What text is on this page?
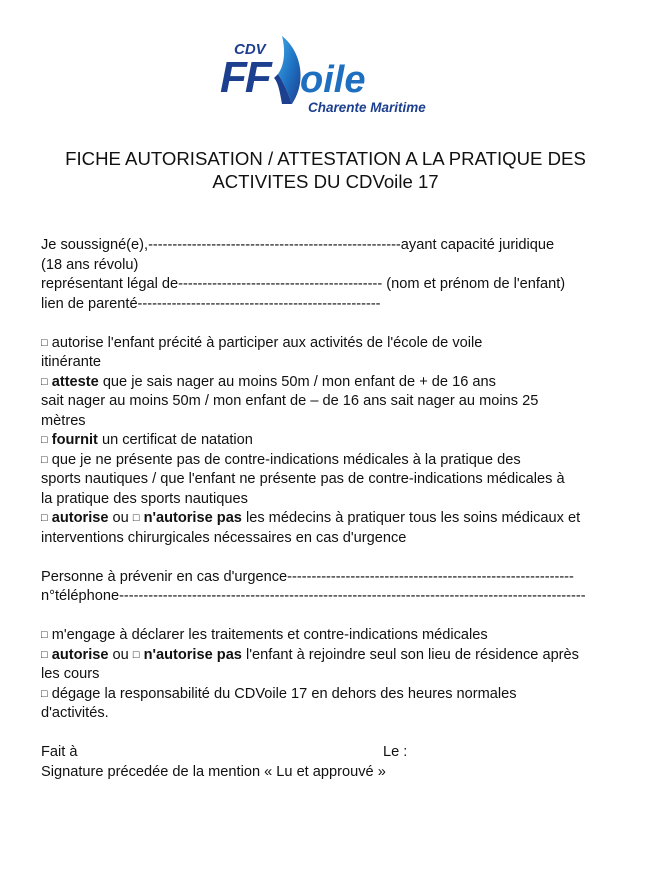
CDV
FF oile
Charente Maritime
FICHE AUTORISATION / ATTESTATION A LA PRATIQUE DES
ACTIVITES DU CDVoile 17
Je soussigné(e),----------------------------------------------------ayant capacité juridique
(18 ans révolu)
représentant légal de------------------------------------------ (nom et prénom de l'enfant)
lien de parenté--------------------------------------------------
□ autorise l'enfant précité à participer aux activités de l'école de voile
itinérante
□ atteste que je sais nager au moins 50m / mon enfant de + de 16 ans
sait nager au moins 50m / mon enfant de – de 16 ans sait nager au moins 25
mètres
□ fournit un certificat de natation
□ que je ne présente pas de contre-indications médicales à la pratique des
sports nautiques / que l'enfant ne présente pas de contre-indications médicales à
la pratique des sports nautiques
□ autorise ou □ n'autorise pas les médecins à pratiquer tous les soins médicaux et
interventions chirurgicales nécessaires en cas d'urgence
Personne à prévenir en cas d'urgence-----------------------------------------------------------
n°téléphone------------------------------------------------------------------------------------------------
□ m'engage à déclarer les traitements et contre-indications médicales
□ autorise ou □ n'autorise pas l'enfant à rejoindre seul son lieu de résidence après
les cours
□ dégage la responsabilité du CDVoile 17 en dehors des heures normales
d'activités.
Fait à	Le :
Signature précedée de la mention « Lu et approuvé »
